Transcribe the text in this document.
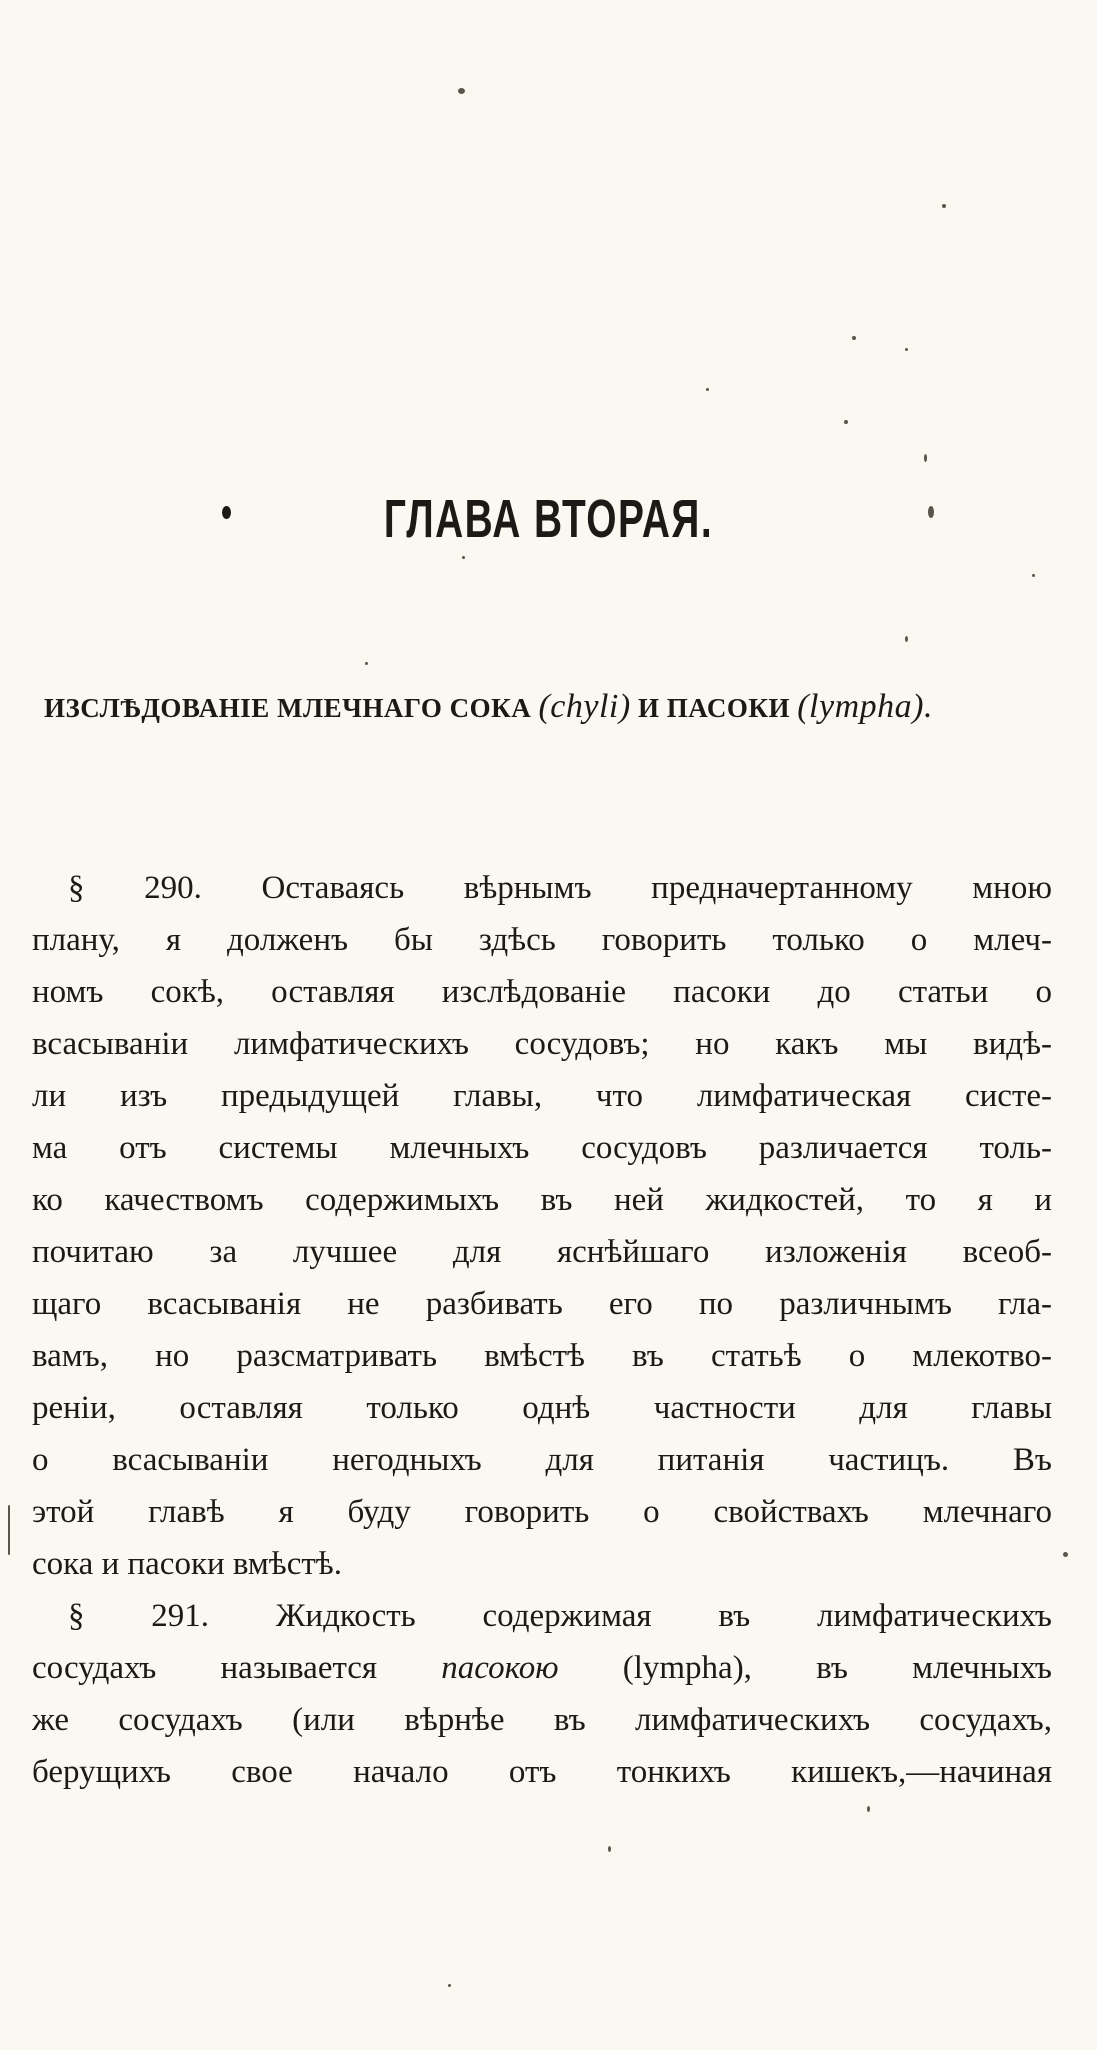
ГЛАВА ВТОРАЯ.
ИЗСЛѢДОВАНІЕ МЛЕЧНАГО СОКА (chyli) И ПАСОКИ (lympha).
§ 290. Оставаясь вѣрнымъ предначертанному мною
плану, я долженъ бы здѣсь говорить только о млеч-
номъ сокѣ, оставляя изслѣдованіе пасоки до статьи о
всасываніи лимфатическихъ сосудовъ; но какъ мы видѣ-
ли изъ предыдущей главы, что лимфатическая систе-
ма отъ системы млечныхъ сосудовъ различается толь-
ко качествомъ содержимыхъ въ ней жидкостей, то я и
почитаю за лучшее для яснѣйшаго изложенія всеоб-
щаго всасыванія не разбивать его по различнымъ гла-
вамъ, но разсматривать вмѣстѣ въ статьѣ о млекотво-
реніи, оставляя только однѣ частности для главы
о всасываніи негодныхъ для питанія частицъ. Въ
этой главѣ я буду говорить о свойствахъ млечнаго
сока и пасоки вмѣстѣ.
§ 291. Жидкость содержимая въ лимфатическихъ
сосудахъ называется пасокою (lympha), въ млечныхъ
же сосудахъ (или вѣрнѣе въ лимфатическихъ сосудахъ,
берущихъ свое начало отъ тонкихъ кишекъ,—начиная
